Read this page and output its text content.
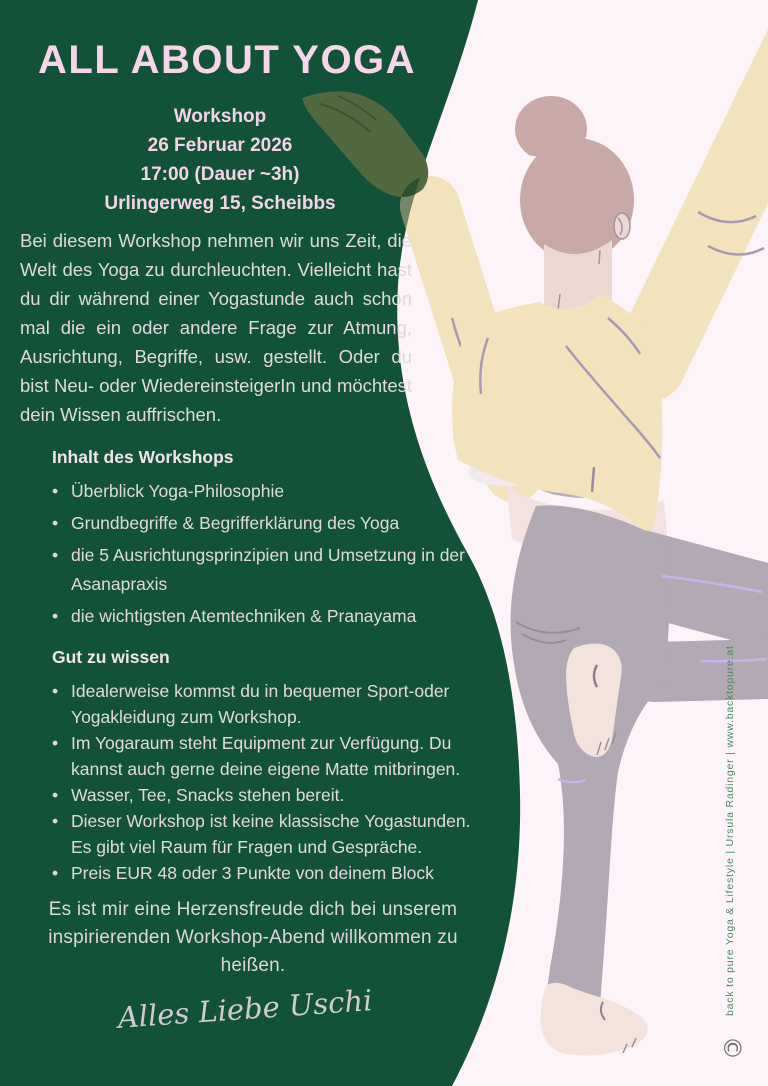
ALL ABOUT YOGA
Workshop
26 Februar 2026
17:00 (Dauer ~3h)
Urlingerweg 15, Scheibbs
Bei diesem Workshop nehmen wir uns Zeit, die Welt des Yoga zu durchleuchten. Vielleicht hast du dir während einer Yogastunde auch schon mal die ein oder andere Frage zur Atmung, Ausrichtung, Begriffe, usw. gestellt. Oder du bist Neu- oder WiedereinsteigerIn und möchtest dein Wissen auffrischen.
Inhalt des Workshops
• Überblick Yoga-Philosophie
• Grundbegriffe & Begrifferklärung des Yoga
• die 5 Ausrichtungsprinzipien und Umsetzung in der Asanapraxis
• die wichtigsten Atemtechniken & Pranayama
Gut zu wissen
• Idealerweise kommst du in bequemer Sport-oder Yogakleidung zum Workshop.
• Im Yogaraum steht Equipment zur Verfügung. Du kannst auch gerne deine eigene Matte mitbringen.
• Wasser, Tee, Snacks stehen bereit.
• Dieser Workshop ist keine klassische Yogastunden. Es gibt viel Raum für Fragen und Gespräche.
• Preis EUR 48 oder 3 Punkte von deinem Block
Es ist mir eine Herzensfreude dich bei unserem inspirierenden Workshop-Abend willkommen zu heißen.
Alles Liebe Uschi	back to pure Yoga & Lifestyle | Ursula Radinger | www.backtopure.at
©
